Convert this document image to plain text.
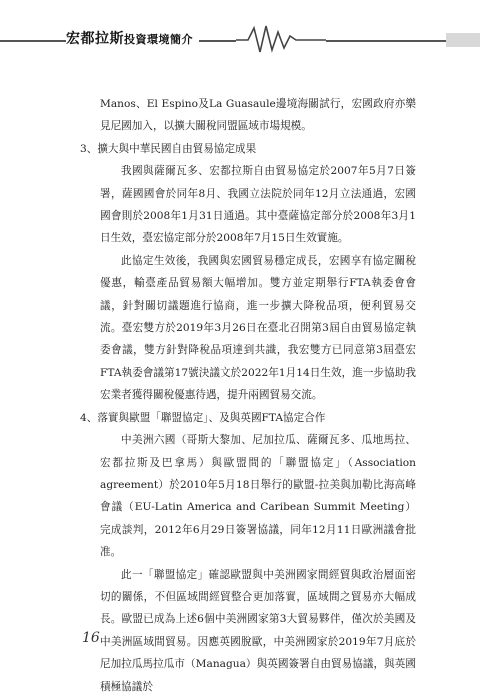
宏都拉斯投資環境簡介

Manos、El Espino及La Guasaule邊境海關試行，宏國政府亦樂見尼國加入，以擴大關稅同盟區域市場規模。

3、擴大與中華民國自由貿易協定成果

我國與薩爾瓦多、宏都拉斯自由貿易協定於2007年5月7日簽署，薩國國會於同年8月、我國立法院於同年12月立法通過，宏國國會則於2008年1月31日通過。其中臺薩協定部分於2008年3月1日生效，臺宏協定部分於2008年7月15日生效實施。

此協定生效後，我國與宏國貿易穩定成長，宏國享有協定關稅優惠，輸臺產品貿易額大幅增加。雙方並定期舉行FTA執委會會議，針對關切議題進行協商，進一步擴大降稅品項，便利貿易交流。臺宏雙方於2019年3月26日在臺北召開第3屆自由貿易協定執委會議，雙方針對降稅品項達到共識，我宏雙方已同意第3屆臺宏FTA執委會議第17號決議文於2022年1月14日生效，進一步協助我宏業者獲得關稅優惠待遇，提升兩國貿易交流。

4、落實與歐盟「聯盟協定」、及與英國FTA協定合作

中美洲六國（哥斯大黎加、尼加拉瓜、薩爾瓦多、瓜地馬拉、宏都拉斯及巴拿馬）與歐盟間的「聯盟協定」（Association agreement）於2010年5月18日舉行的歐盟-拉美與加勒比海高峰會議（EU-Latin America and Caribean Summit Meeting）完成談判，2012年6月29日簽署協議，同年12月11日歐洲議會批准。

此一「聯盟協定」確認歐盟與中美洲國家間經貿與政治層面密切的關係，不但區域間經貿整合更加落實，區域間之貿易亦大幅成長。歐盟已成為上述6個中美洲國家第3大貿易夥伴，僅次於美國及中美洲區域間貿易。因應英國脫歐，中美洲國家於2019年7月底於尼加拉瓜馬拉瓜市（Managua）與英國簽署自由貿易協議，與英國積極協議於

16
